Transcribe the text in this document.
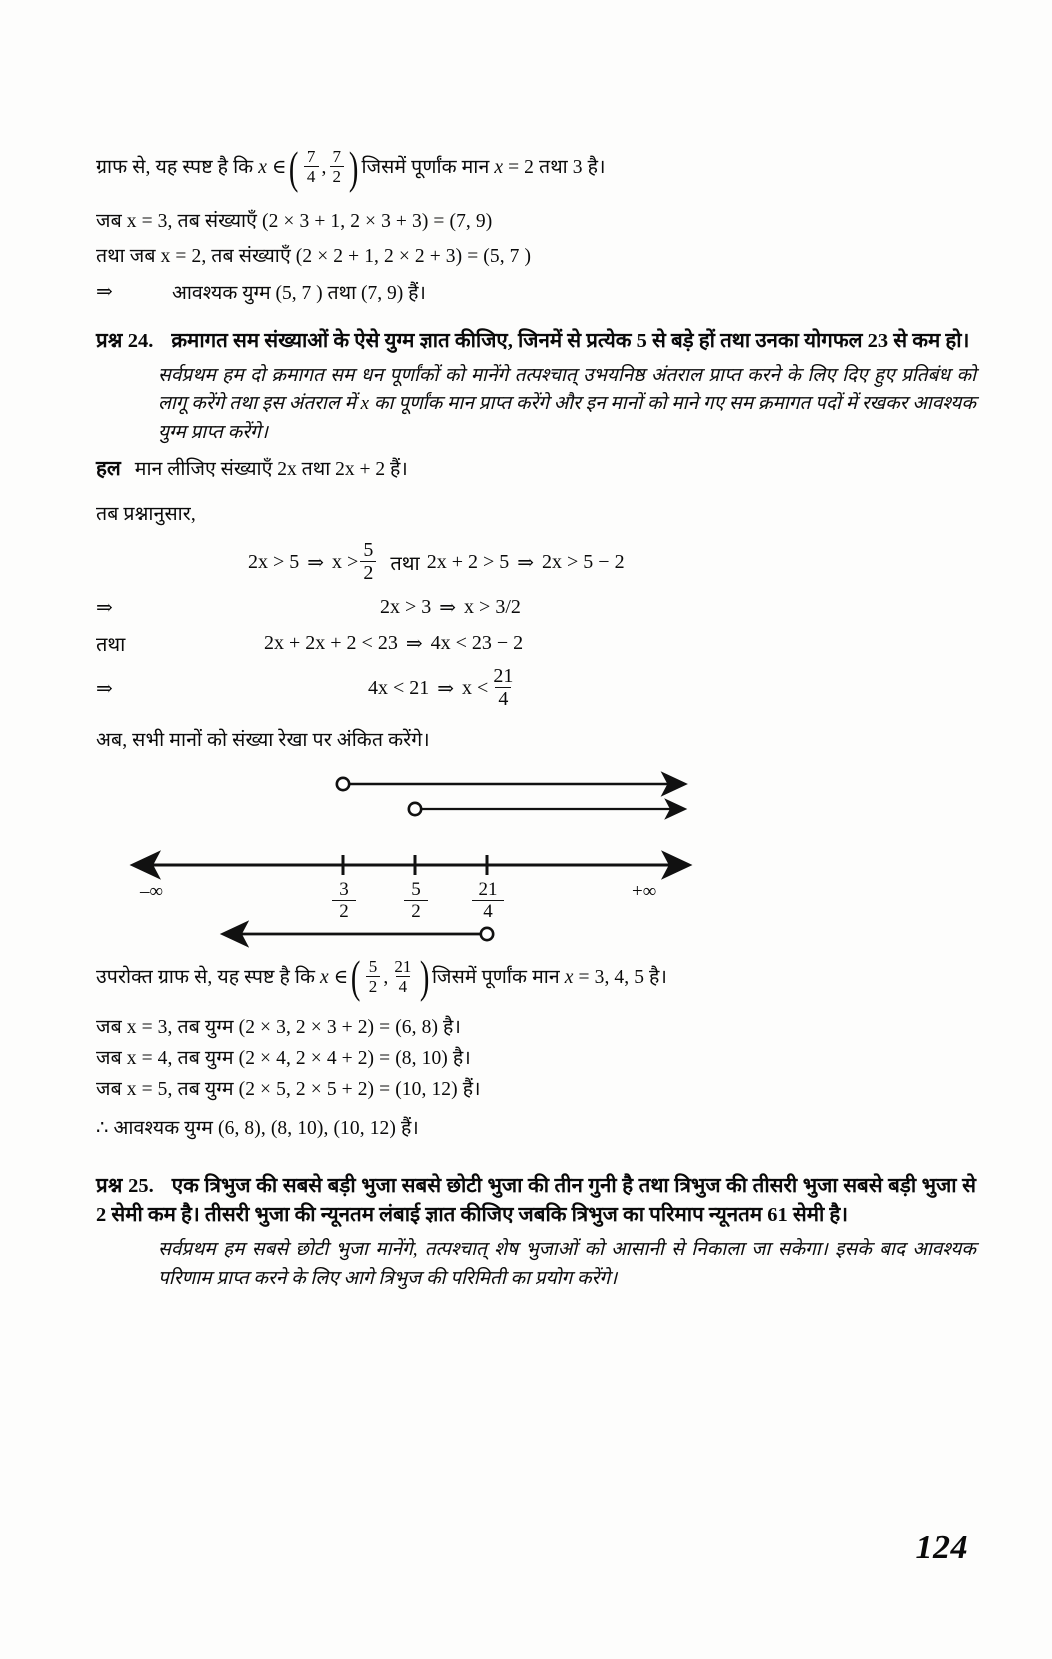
ग्राफ से, यह स्पष्ट है कि x ∈ ( $\frac{7}{4}$ , $\frac{7}{2}$ ) जिसमें पूर्णांक मान x = 2 तथा 3 है।
जब x = 3, तब संख्याएँ (2 × 3 + 1, 2 × 3 + 3) = (7, 9)
तथा जब x = 2, तब संख्याएँ (2 × 2 + 1, 2 × 2 + 3) = (5, 7 )
⇒	आवश्यक युग्म (5, 7 ) तथा (7, 9) हैं।
प्रश्न 24. क्रमागत सम संख्याओं के ऐसे युग्म ज्ञात कीजिए, जिनमें से प्रत्येक 5 से बड़े हों तथा उनका योगफल 23 से कम हो।
सर्वप्रथम हम दो क्रमागत सम धन पूर्णांकों को मानेंगे तत्पश्चात् उभयनिष्ठ अंतराल प्राप्त करने के लिए दिए हुए प्रतिबंध को लागू करेंगे तथा इस अंतराल में x का पूर्णांक मान प्राप्त करेंगे और इन मानों को माने गए सम क्रमागत पदों में रखकर आवश्यक युग्म प्राप्त करेंगे।
हल मान लीजिए संख्याएँ 2x तथा 2x + 2 हैं।
तब प्रश्नानुसार,
2x > 5 ⇒ $x > \frac{5}{2}$ तथा 2x + 2 > 5 ⇒ 2x > 5 − 2
⇒	2x > 3 ⇒ x > 3/2
तथा	2x + 2x + 2 < 23 ⇒ 4x < 23 − 2
⇒	4x < 21 ⇒ $x < \frac{21}{4}$
अब, सभी मानों को संख्या रेखा पर अंकित करेंगे।
$\frac{3}{2}$	$\frac{5}{2} \frac{21}{4}$
–∞	+∞
उपरोक्त ग्राफ से, यह स्पष्ट है कि x ∈ ( $\frac{5}{2}$ , $\frac{21}{4}$ ) जिसमें पूर्णांक मान x = 3, 4, 5 है।
जब x = 3, तब युग्म (2 × 3, 2 × 3 + 2) = (6, 8) है।
जब x = 4, तब युग्म (2 × 4, 2 × 4 + 2) = (8, 10) है।
जब x = 5, तब युग्म (2 × 5, 2 × 5 + 2) = (10, 12) हैं।
∴ आवश्यक युग्म (6, 8), (8, 10), (10, 12) हैं।
प्रश्न 25. एक त्रिभुज की सबसे बड़ी भुजा सबसे छोटी भुजा की तीन गुनी है तथा त्रिभुज की तीसरी भुजा सबसे बड़ी भुजा से 2 सेमी कम है। तीसरी भुजा की न्यूनतम लंबाई ज्ञात कीजिए जबकि त्रिभुज का परिमाप न्यूनतम 61 सेमी है।
सर्वप्रथम हम सबसे छोटी भुजा मानेंगे, तत्पश्चात् शेष भुजाओं को आसानी से निकाला जा सकेगा। इसके बाद आवश्यक परिणाम प्राप्त करने के लिए आगे त्रिभुज की परिमिती का प्रयोग करेंगे।
124
